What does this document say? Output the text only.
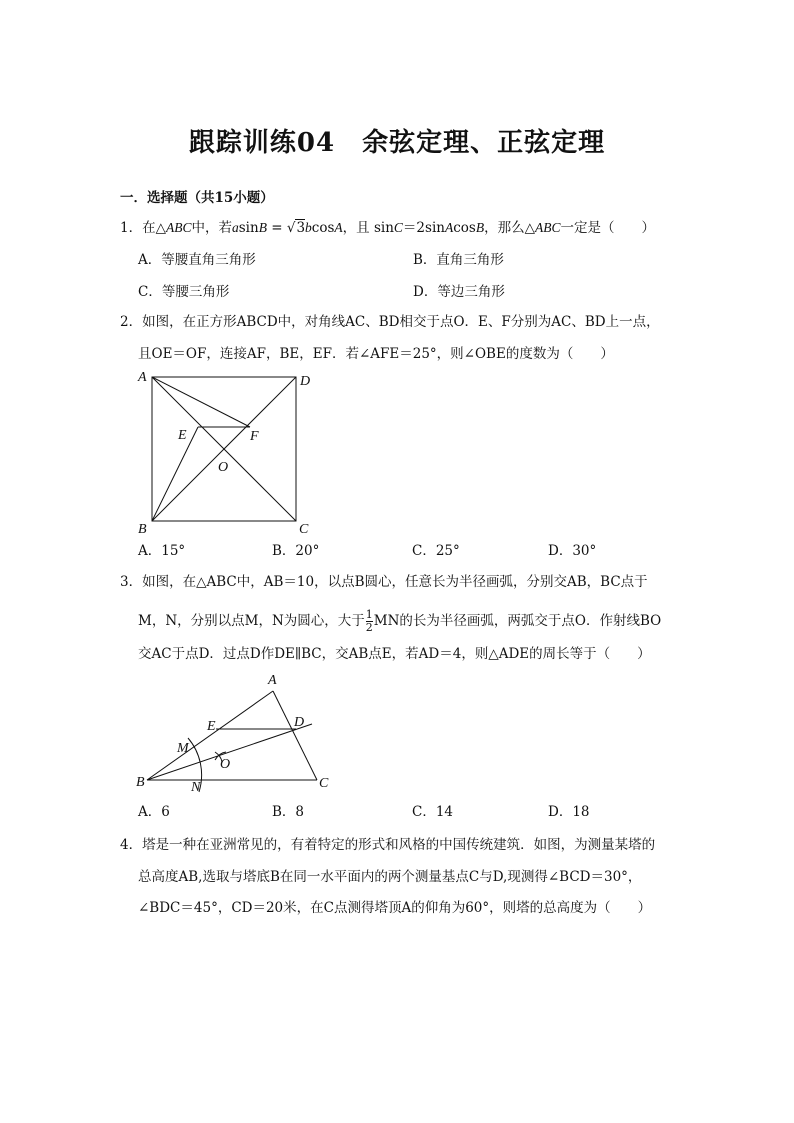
跟踪训练04　余弦定理、正弦定理
一．选择题（共15小题）
1．在△ABC中，若asinB = √3bcosA，且 sinC＝2sinAcosB，那么△ABC一定是（　　）
A．等腰直角三角形	B．直角三角形
C．等腰三角形	D．等边三角形
2．如图，在正方形ABCD中，对角线AC、BD相交于点O．E、F分别为AC、BD上一点，
且OE＝OF，连接AF，BE，EF．若∠AFE＝25°，则∠OBE的度数为（　　）
A	D
E	F
O
B	C
A
E	D
M
O
B	N	C
A．15°	B．20°	C．25°	D．30°
3．如图，在△ABC中，AB＝10，以点B圆心，任意长为半径画弧，分别交AB，BC点于
M，N，分别以点M，N为圆心，大于 $\frac{1}{2}$ MN的长为半径画弧，两弧交于点O．作射线BO
交AC于点D．过点D作DE∥BC，交AB点E，若AD＝4，则△ADE的周长等于（　　）
A．6	B．8	C．14	D．18
4．塔是一种在亚洲常见的，有着特定的形式和风格的中国传统建筑．如图，为测量某塔的
总高度AB,选取与塔底B在同一水平面内的两个测量基点C与D,现测得∠BCD＝30°，
∠BDC＝45°，CD＝20米，在C点测得塔顶A的仰角为60°，则塔的总高度为（　　）
